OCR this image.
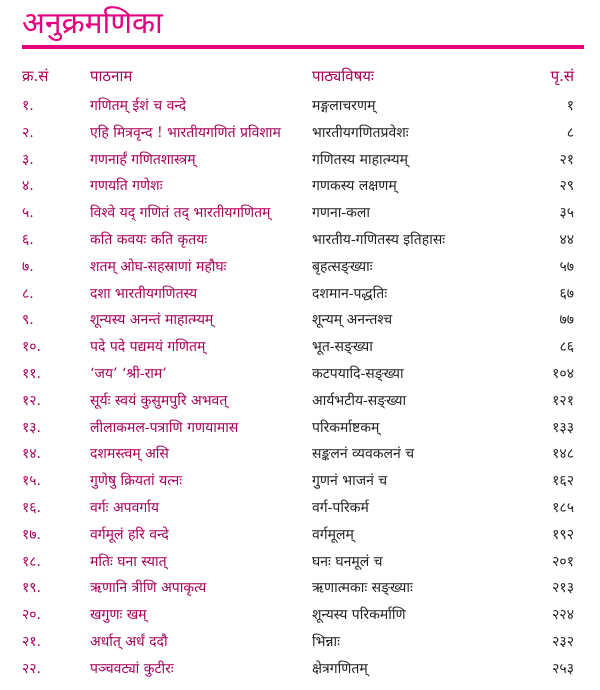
अनुक्रमणिका
क्र.सं	पाठनाम	पाठ्यविषयः	पृ.सं
१.	गणितम् ईशं च वन्दे	मङ्गलाचरणम्	१
२.	एहि मित्रवृन्द ! भारतीयगणितं प्रविशाम	भारतीयगणितप्रवेशः	८
३.	गणनार्हं गणितशास्त्रम्	गणितस्य माहात्म्यम्	२१
४.	गणयति गणेशः	गणकस्य लक्षणम्	२९
५.	विश्वे यद् गणितं तद् भारतीयगणितम्	गणना-कला	३५
६.	कति कवयः कति कृतयः	भारतीय-गणितस्य इतिहासः	४४
७.	शतम् ओघ-सहस्राणां महौघः	बृहत्सङ्ख्याः	५७
८.	दशा भारतीयगणितस्य	दशमान-पद्धतिः	६७
९.	शून्यस्य अनन्तं माहात्म्यम्	शून्यम् अनन्तश्च	७७
१०.	पदे पदे पद्यमयं गणितम्	भूत-सङ्ख्या	८६
११.	‘जय’ ‘श्री-राम’	कटपयादि-सङ्ख्या	१०४
१२.	सूर्यः स्वयं कुसुमपुरि अभवत्	आर्यभटीय-सङ्ख्या	१२१
१३.	लीलाकमल-पत्राणि गणयामास	परिकर्माष्टकम्	१३३
१४.	दशमस्त्वम् असि	सङ्कलनं व्यवकलनं च	१४८
१५.	गुणेषु क्रियतां यत्नः	गुणनं भाजनं च	१६२
१६.	वर्गः अपवर्गाय	वर्ग-परिकर्म	१८५
१७.	वर्गमूलं हरि वन्दे	वर्गमूलम्	१९२
१८.	मतिः घना स्यात्	घनः घनमूलं च	२०१
१९.	ऋणानि त्रीणि अपाकृत्य	ऋणात्मकाः सङ्ख्याः	२१३
२०.	खगुणः खम्	शून्यस्य परिकर्माणि	२२४
२१.	अर्धात् अर्धं ददौ	भिन्नाः	२३२
२२.	पञ्चवट्यां कुटीरः	क्षेत्रगणितम्	२५३
